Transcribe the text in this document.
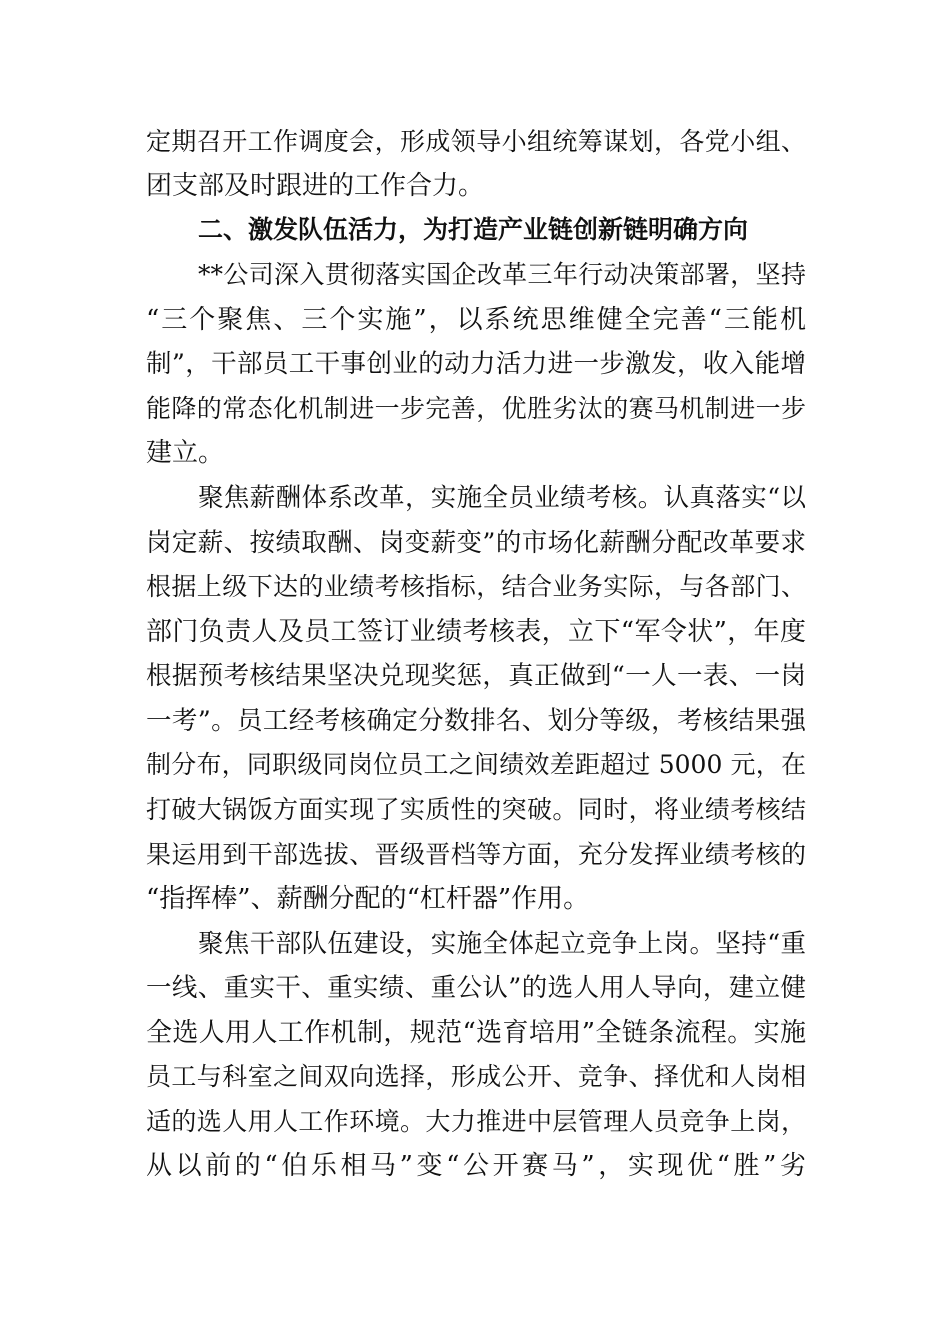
定期召开工作调度会，形成领导小组统筹谋划，各党小组、
团支部及时跟进的工作合力。
二、激发队伍活力，为打造产业链创新链明确方向
**公司深入贯彻落实国企改革三年行动决策部署，坚持
“三个聚焦、三个实施”，以系统思维健全完善“三能机
制”，干部员工干事创业的动力活力进一步激发，收入能增
能降的常态化机制进一步完善，优胜劣汰的赛马机制进一步
建立。
聚焦薪酬体系改革，实施全员业绩考核。认真落实“以
岗定薪、按绩取酬、岗变薪变”的市场化薪酬分配改革要求
根据上级下达的业绩考核指标，结合业务实际，与各部门、
部门负责人及员工签订业绩考核表，立下“军令状”，年度
根据预考核结果坚决兑现奖惩，真正做到“一人一表、一岗
一考”。员工经考核确定分数排名、划分等级，考核结果强
制分布，同职级同岗位员工之间绩效差距超过 5000 元，在
打破大锅饭方面实现了实质性的突破。同时，将业绩考核结
果运用到干部选拔、晋级晋档等方面，充分发挥业绩考核的
“指挥棒”、薪酬分配的“杠杆器”作用。
聚焦干部队伍建设，实施全体起立竞争上岗。坚持“重
一线、重实干、重实绩、重公认”的选人用人导向，建立健
全选人用人工作机制，规范“选育培用”全链条流程。实施
员工与科室之间双向选择，形成公开、竞争、择优和人岗相
适的选人用人工作环境。大力推进中层管理人员竞争上岗，
从以前的“伯乐相马”变“公开赛马”，实现优“胜”劣
